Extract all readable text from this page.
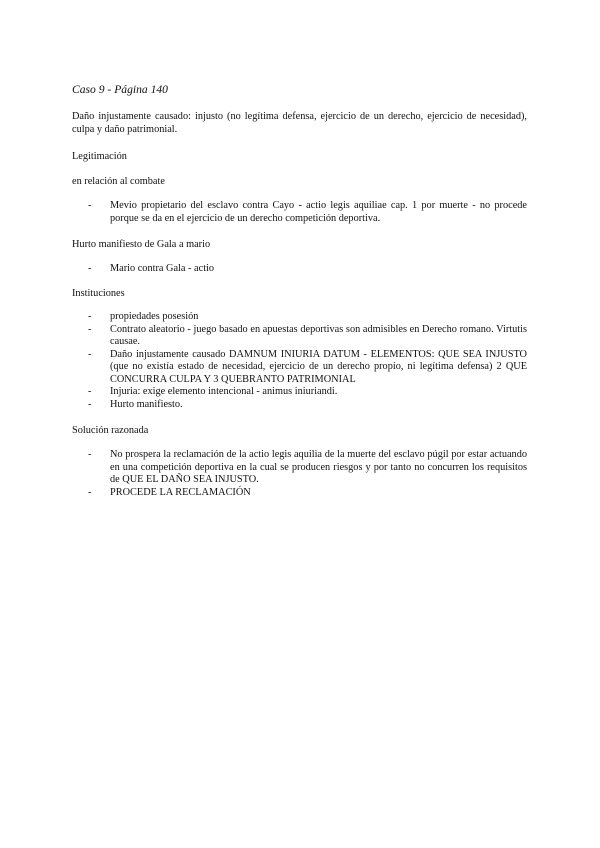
Caso 9 - Página 140

Daño injustamente causado: injusto (no legítima defensa, ejercicio de un derecho, ejercicio de necesidad), culpa y daño patrimonial.

Legitimación

en relación al combate

- Mevio propietario del esclavo contra Cayo - actio legis aquiliae cap. 1 por muerte - no procede porque se da en el ejercicio de un derecho competición deportiva.

Hurto manifiesto de Gala a mario

- Mario contra Gala - actio

Instituciones

- propiedades posesión
- Contrato aleatorio - juego basado en apuestas deportivas son admisibles en Derecho romano. Virtutis causae.
- Daño injustamente causado DAMNUM INIURIA DATUM - ELEMENTOS: QUE SEA INJUSTO (que no existía estado de necesidad, ejercicio de un derecho propio, ni legítima defensa) 2 QUE CONCURRA CULPA Y 3 QUEBRANTO PATRIMONIAL
- Injuria: exige elemento intencional - animus iniuriandi.
- Hurto manifiesto.

Solución razonada

- No prospera la reclamación de la actio legis aquilia de la muerte del esclavo púgil por estar actuando en una competición deportiva en la cual se producen riesgos y por tanto no concurren los requisitos de QUE EL DAÑO SEA INJUSTO.
- PROCEDE LA RECLAMACIÓN
